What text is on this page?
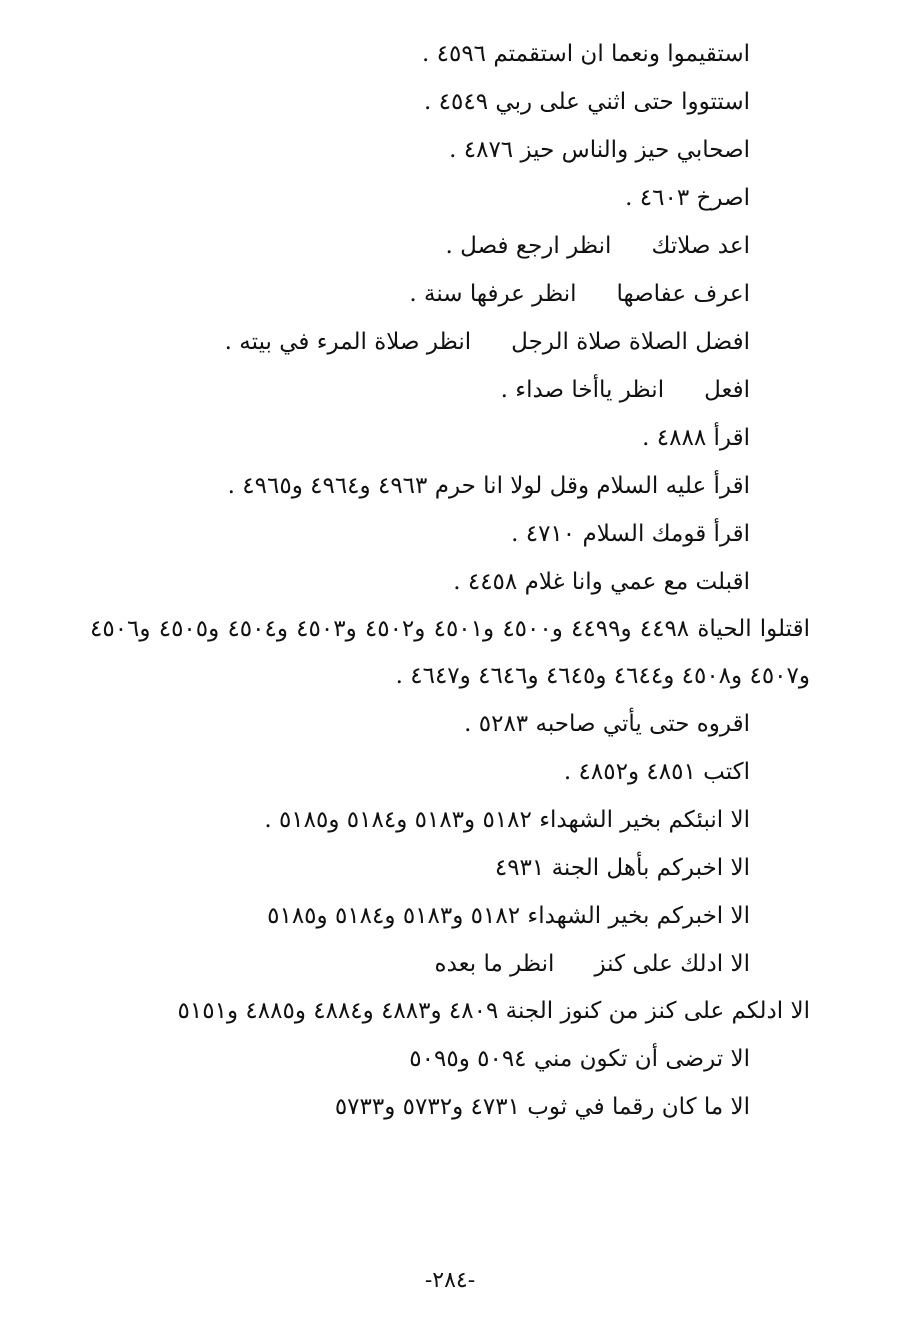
استقيموا ونعما ان استقمتم ٤٥٩٦ .
استتووا حتى اثني على ربي ٤٥٤٩ .
اصحابي حيز والناس حيز ٤٨٧٦ .
اصرخ ٤٦٠٣ .
اعد صلاتكانظر ارجع فصل .
اعرف عفاصهاانظر عرفها سنة .
افضل الصلاة صلاة الرجلانظر صلاة المرء في بيته .
افعلانظر ياأخا صداء .
اقرأ ٤٨٨٨ .
اقرأ عليه السلام وقل لولا انا حرم ٤٩٦٣ و٤٩٦٤ و٤٩٦٥ .
اقرأ قومك السلام ٤٧١٠ .
اقبلت مع عمي وانا غلام ٤٤٥٨ .
اقتلوا الحياة ٤٤٩٨ و٤٤٩٩ و٤٥٠٠ و٤٥٠١ و٤٥٠٢ و٤٥٠٣ و٤٥٠٤ و٤٥٠٥ و٤٥٠٦ و٤٥٠٧ و٤٥٠٨ و٤٦٤٤ و٤٦٤٥ و٤٦٤٦ و٤٦٤٧ .
اقروه حتى يأتي صاحبه ٥٢٨٣ .
اكتب ٤٨٥١ و٤٨٥٢ .
الا انبئكم بخير الشهداء ٥١٨٢ و٥١٨٣ و٥١٨٤ و٥١٨٥ .
الا اخبركم بأهل الجنة ٤٩٣١
الا اخبركم بخير الشهداء ٥١٨٢ و٥١٨٣ و٥١٨٤ و٥١٨٥
الا ادلك على كنزانظر ما بعده
الا ادلكم على كنز من كنوز الجنة ٤٨٠٩ و٤٨٨٣ و٤٨٨٤ و٤٨٨٥ و٥١٥١
الا ترضى أن تكون مني ٥٠٩٤ و٥٠٩٥
الا ما كان رقما في ثوب ٤٧٣١ و٥٧٣٢ و٥٧٣٣
-٢٨٤-
